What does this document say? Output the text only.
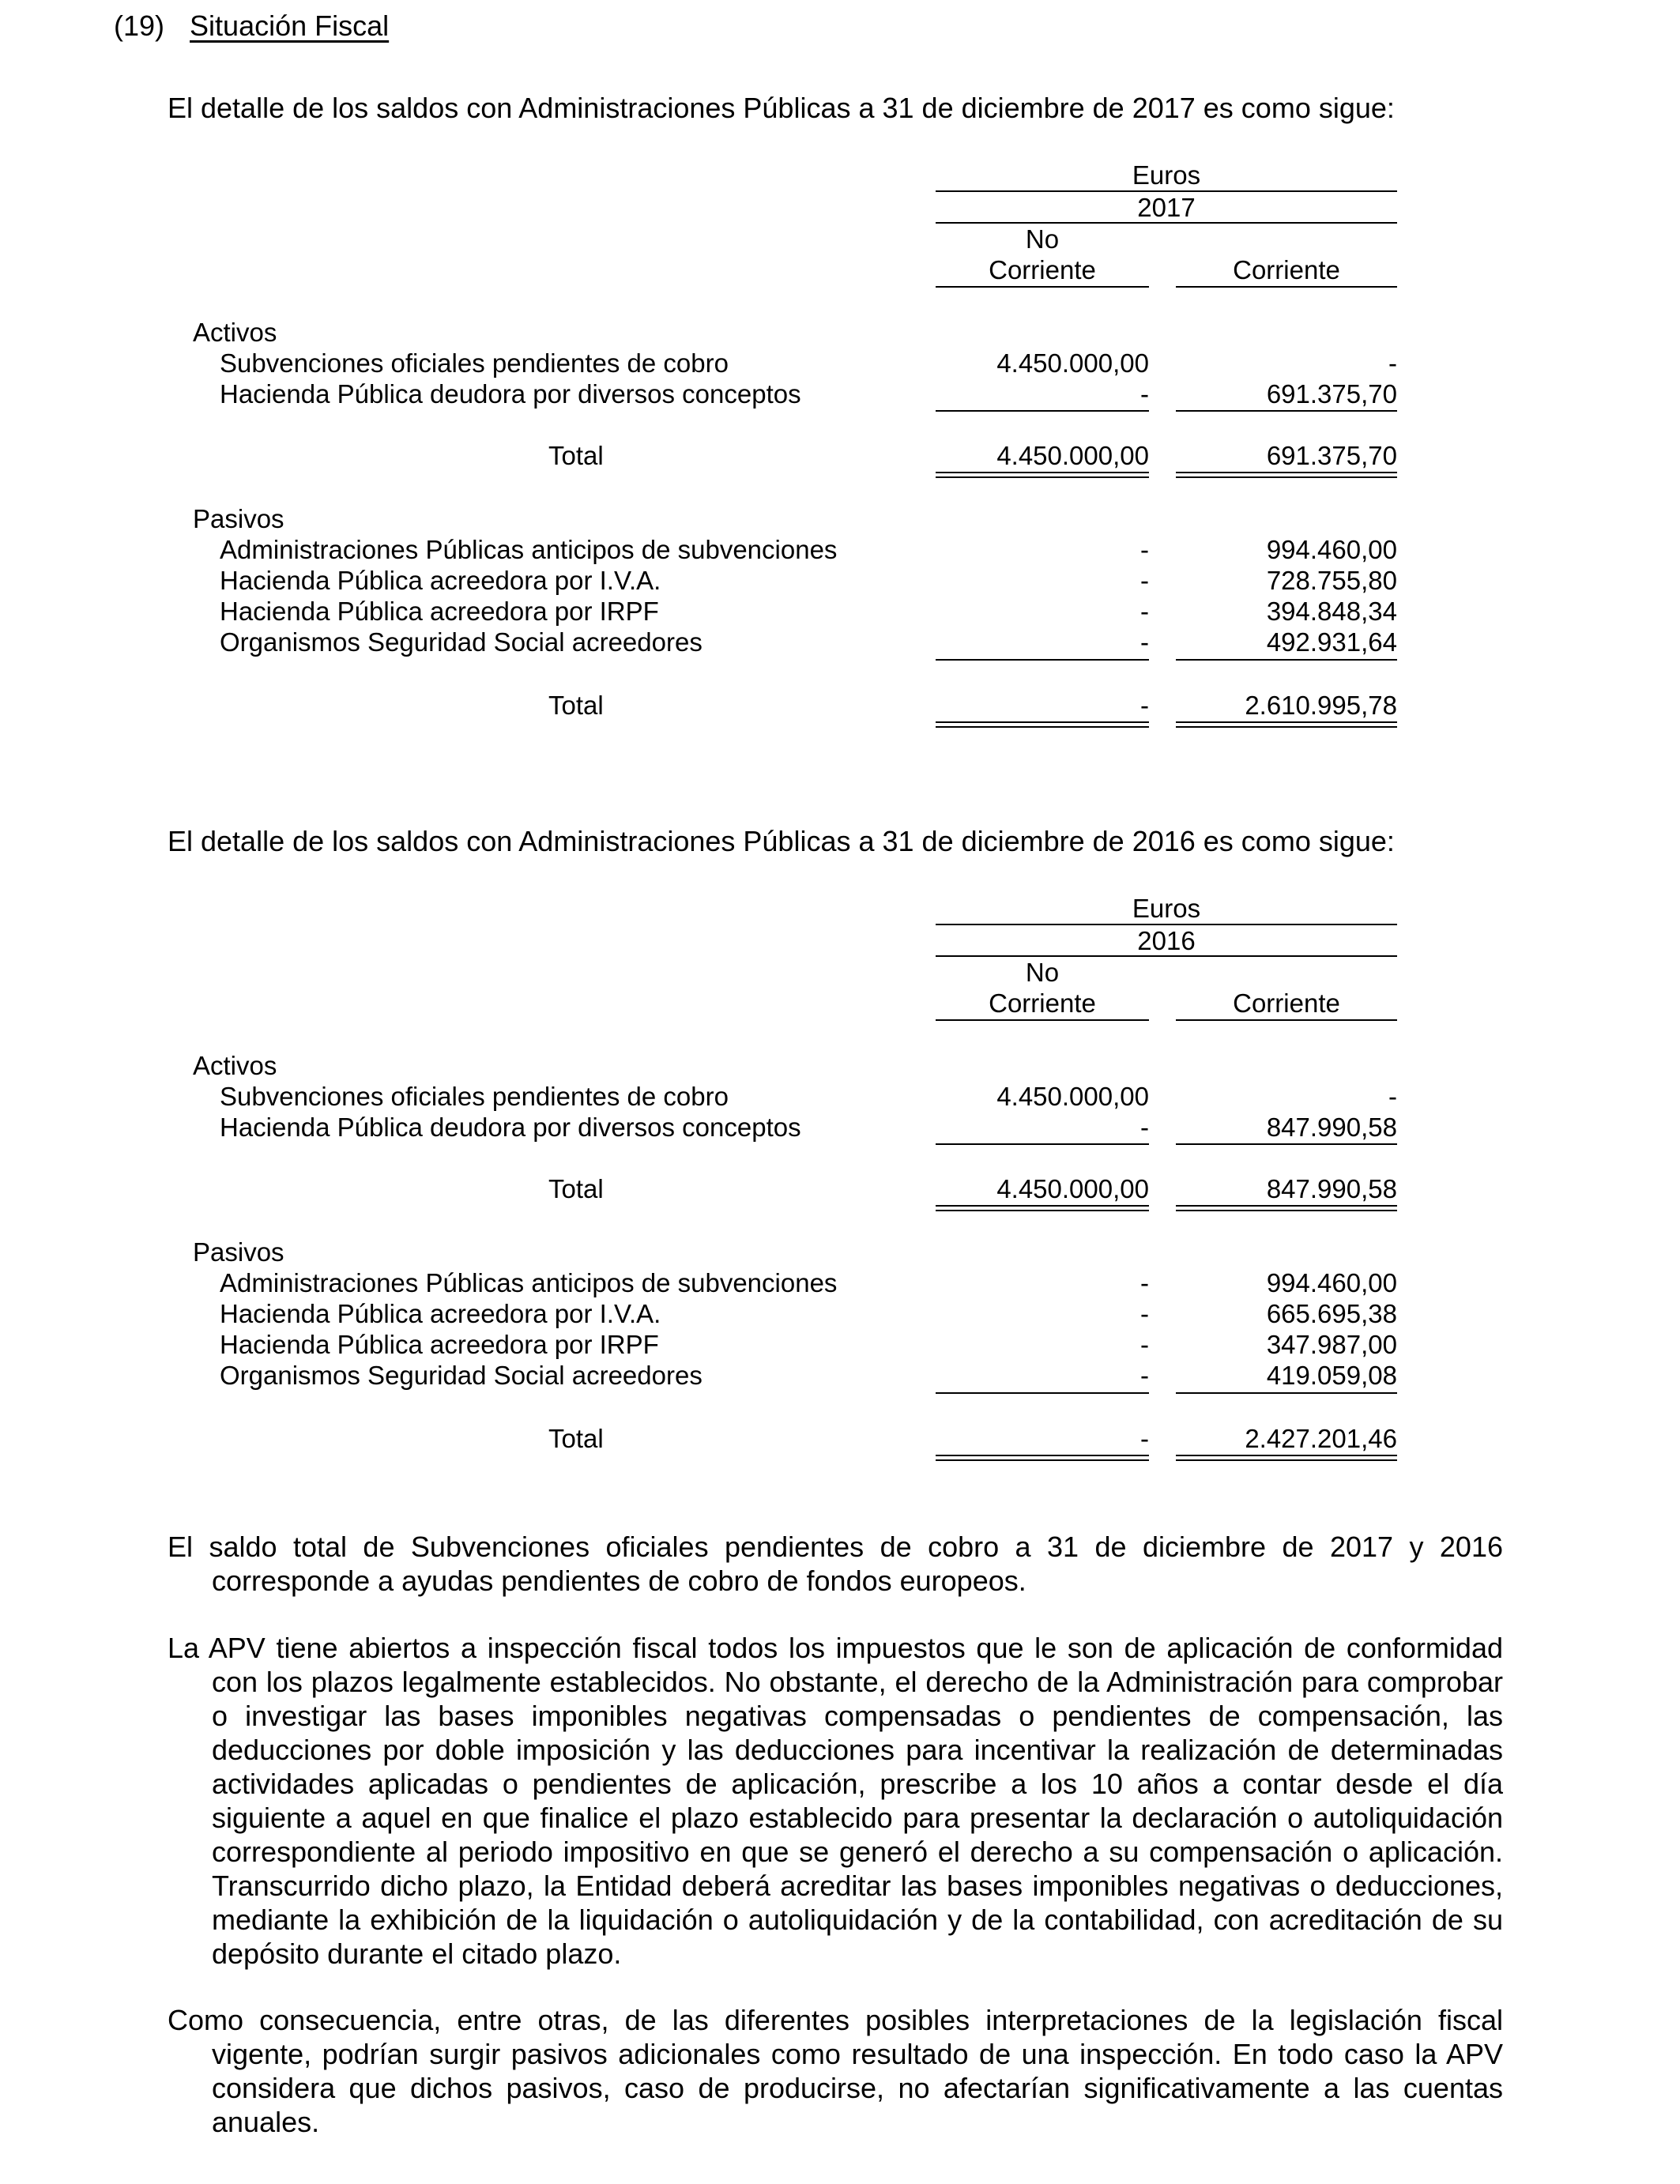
(19) Situación Fiscal
El detalle de los saldos con Administraciones Públicas a 31 de diciembre de 2017 es como sigue:
Euros
2017
No
Corriente	Corriente
Activos
Subvenciones oficiales pendientes de cobro	4.450.000,00	-
Hacienda Pública deudora por diversos conceptos	-	691.375,70
Total	4.450.000,00	691.375,70
Pasivos
Administraciones Públicas anticipos de subvenciones	-	994.460,00
Hacienda Pública acreedora por I.V.A.	-	728.755,80
Hacienda Pública acreedora por IRPF	-	394.848,34
Organismos Seguridad Social acreedores	-	492.931,64
Total	-	2.610.995,78
El detalle de los saldos con Administraciones Públicas a 31 de diciembre de 2016 es como sigue:
Euros
2016
No
Corriente	Corriente
Activos
Subvenciones oficiales pendientes de cobro	4.450.000,00	-
Hacienda Pública deudora por diversos conceptos	-	847.990,58
Total	4.450.000,00	847.990,58
Pasivos
Administraciones Públicas anticipos de subvenciones	-	994.460,00
Hacienda Pública acreedora por I.V.A.	-	665.695,38
Hacienda Pública acreedora por IRPF	-	347.987,00
Organismos Seguridad Social acreedores	-	419.059,08
Total	-	2.427.201,46
El saldo total de Subvenciones oficiales pendientes de cobro a 31 de diciembre de 2017 y 2016 corresponde a ayudas pendientes de cobro de fondos europeos.
La APV tiene abiertos a inspección fiscal todos los impuestos que le son de aplicación de conformidad con los plazos legalmente establecidos. No obstante, el derecho de la Administración para comprobar o investigar las bases imponibles negativas compensadas o pendientes de compensación, las deducciones por doble imposición y las deducciones para incentivar la realización de determinadas actividades aplicadas o pendientes de aplicación, prescribe a los 10 años a contar desde el día siguiente a aquel en que finalice el plazo establecido para presentar la declaración o autoliquidación correspondiente al periodo impositivo en que se generó el derecho a su compensación o aplicación. Transcurrido dicho plazo, la Entidad deberá acreditar las bases imponibles negativas o deducciones, mediante la exhibición de la liquidación o autoliquidación y de la contabilidad, con acreditación de su depósito durante el citado plazo.
Como consecuencia, entre otras, de las diferentes posibles interpretaciones de la legislación fiscal vigente, podrían surgir pasivos adicionales como resultado de una inspección. En todo caso la APV considera que dichos pasivos, caso de producirse, no afectarían significativamente a las cuentas anuales.
